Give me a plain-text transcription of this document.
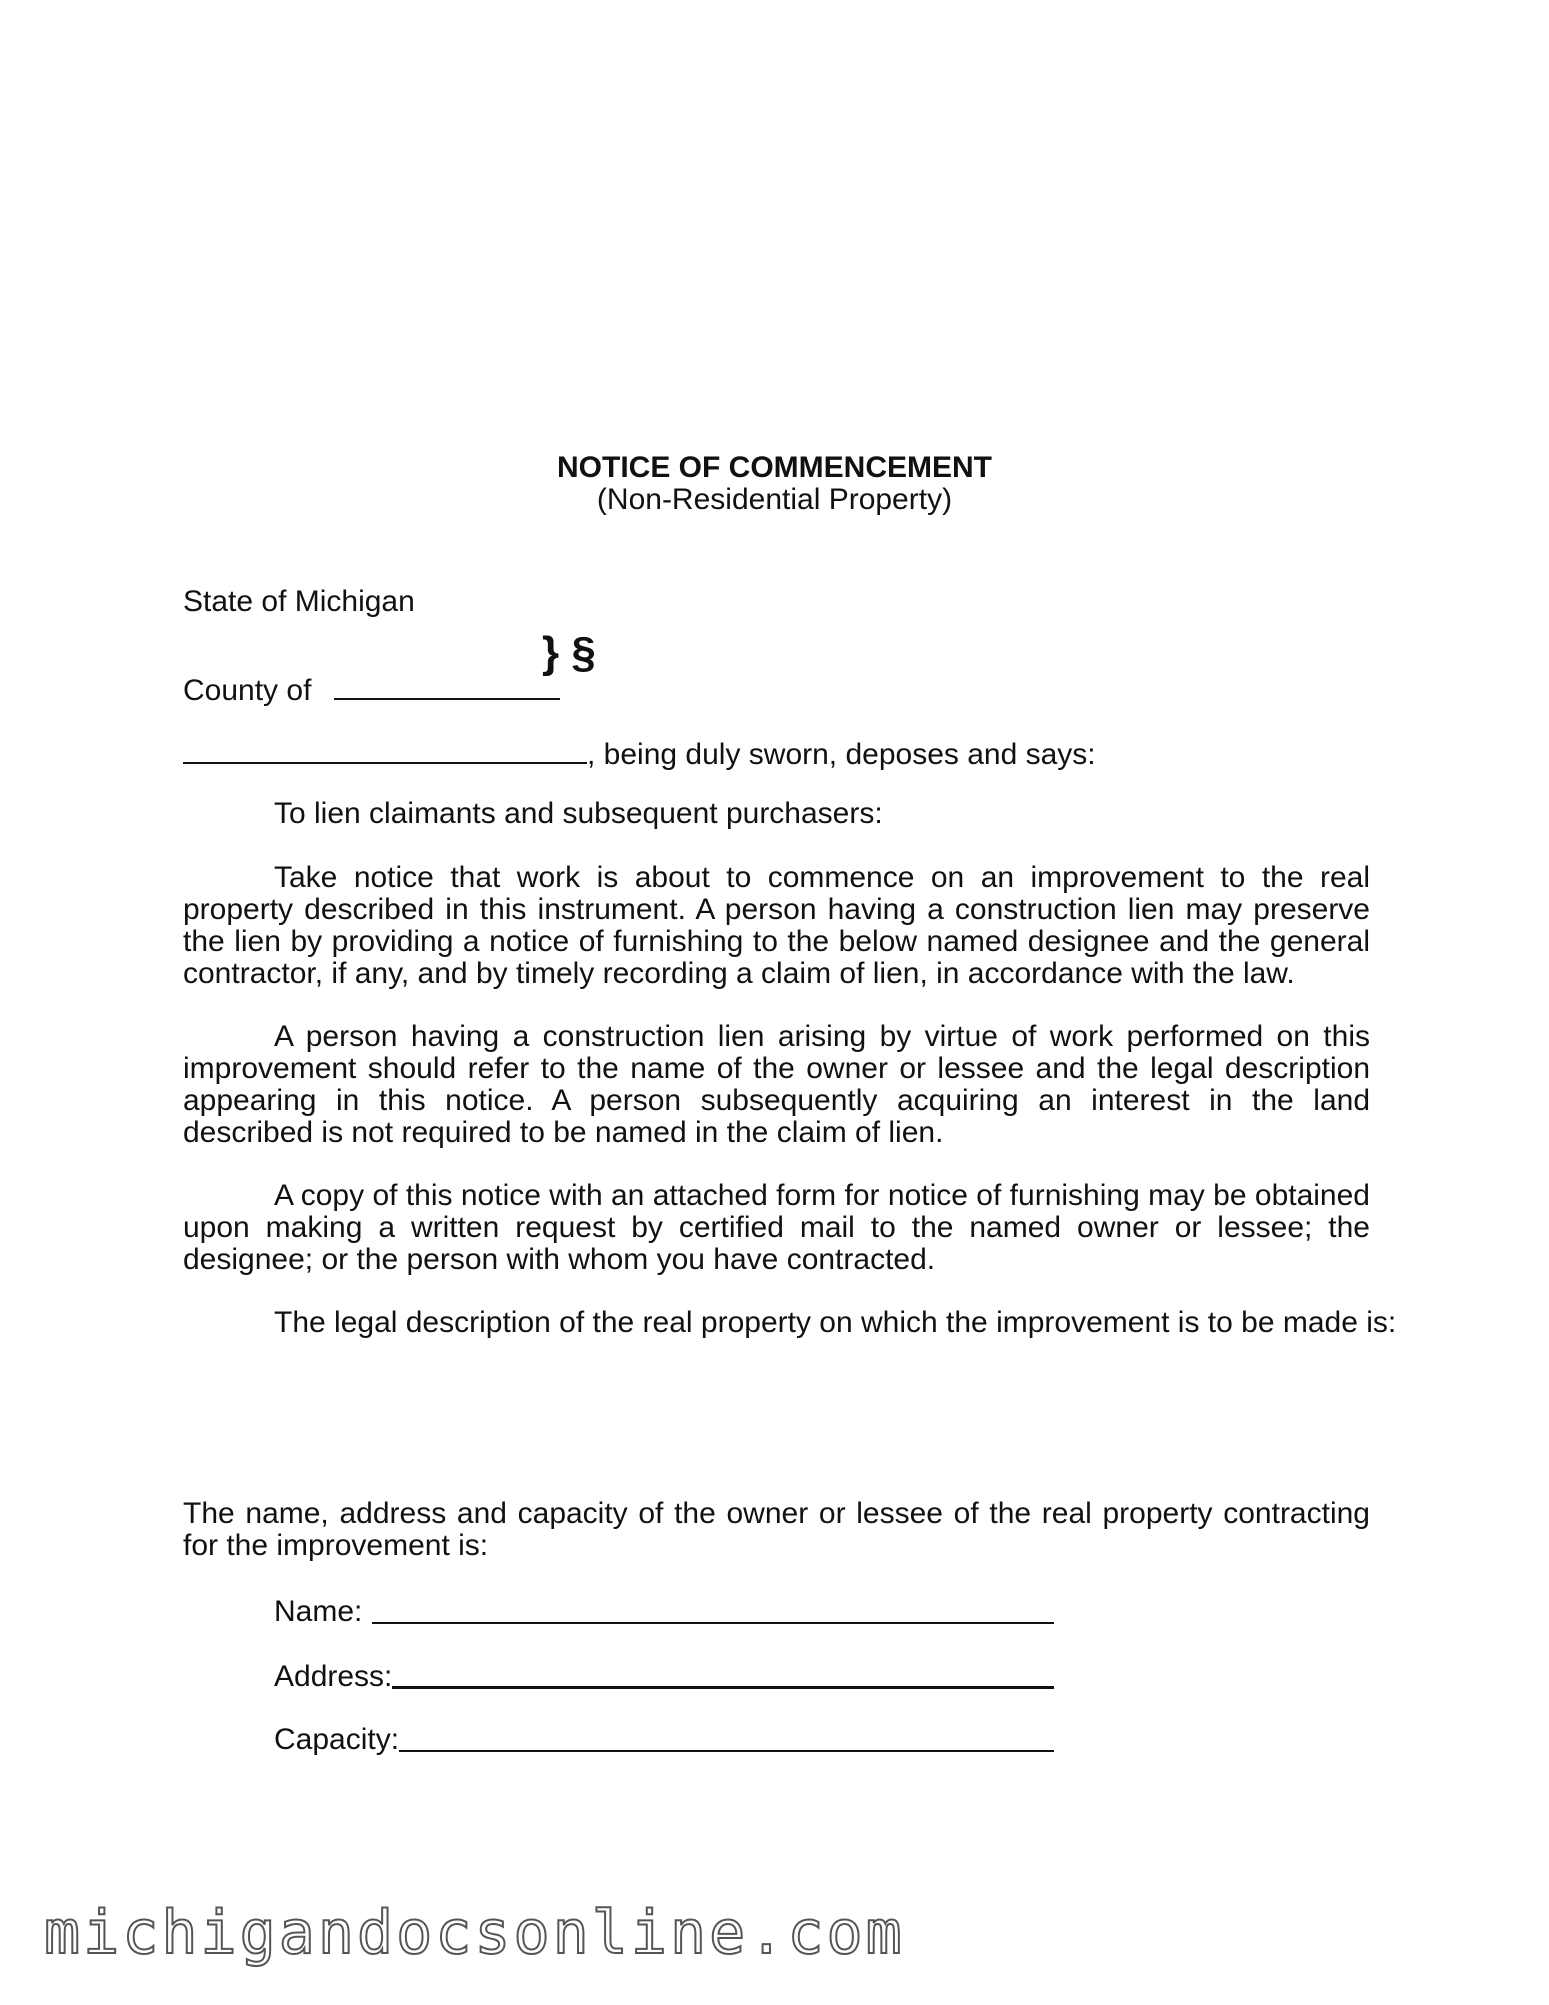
NOTICE OF COMMENCEMENT
(Non-Residential Property)
State of Michigan
} §
County of
, being duly sworn, deposes and says:
To lien claimants and subsequent purchasers:
Take notice that work is about to commence on an improvement to the real property described in this instrument. A person having a construction lien may preserve the lien by providing a notice of furnishing to the below named designee and the general contractor, if any, and by timely recording a claim of lien, in accordance with the law.
A person having a construction lien arising by virtue of work performed on this improvement should refer to the name of the owner or lessee and the legal description appearing in this notice. A person subsequently acquiring an interest in the land described is not required to be named in the claim of lien.
A copy of this notice with an attached form for notice of furnishing may be obtained upon making a written request by certified mail to the named owner or lessee; the designee; or the person with whom you have contracted.
The legal description of the real property on which the improvement is to be made is:
The name, address and capacity of the owner or lessee of the real property contracting for the improvement is:
Name:
Address:
Capacity:
michigandocsonline.com
